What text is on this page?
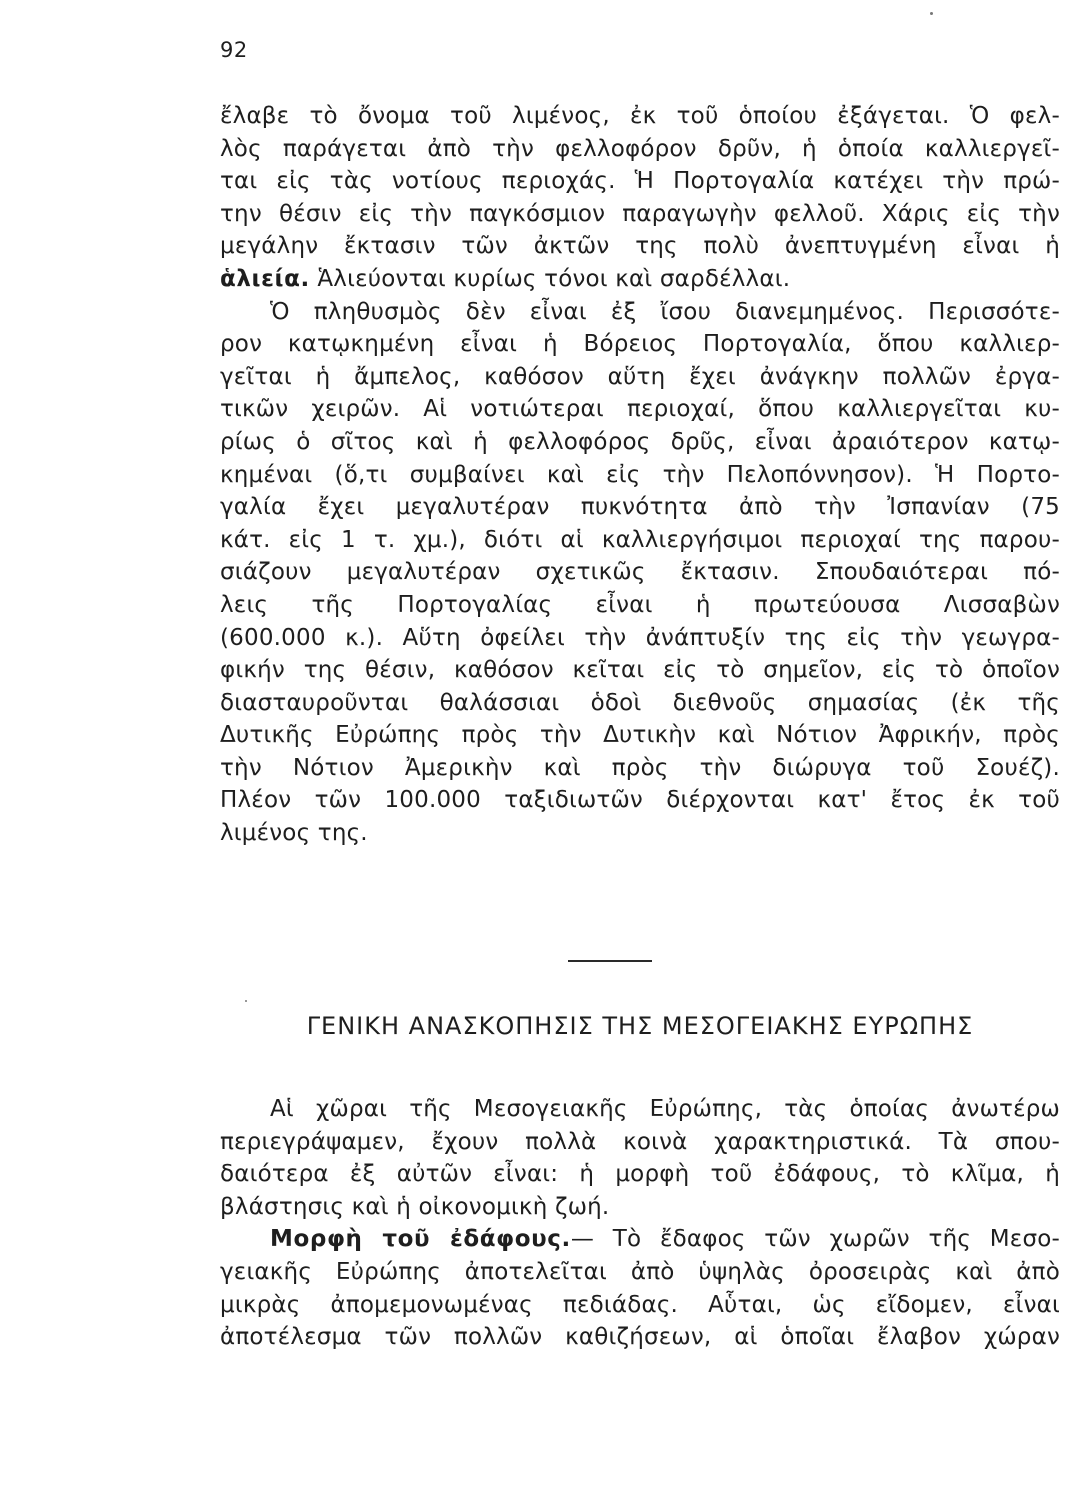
92
ἔλαβε τὸ ὄνομα τοῦ λιμένος, ἐκ τοῦ ὁποίου ἐξάγεται. Ὁ φελ-
λὸς παράγεται ἀπὸ τὴν φελλοφόρον δρῦν, ἡ ὁποία καλλιεργεῖ-
ται εἰς τὰς νοτίους περιοχάς. Ἡ Πορτογαλία κατέχει τὴν πρώ-
την θέσιν εἰς τὴν παγκόσμιον παραγωγὴν φελλοῦ. Χάρις εἰς τὴν
μεγάλην ἔκτασιν τῶν ἀκτῶν της πολὺ ἀνεπτυγμένη εἶναι ἡ
ἁλιεία. Ἁλιεύονται κυρίως τόνοι καὶ σαρδέλλαι.
Ὁ πληθυσμὸς δὲν εἶναι ἐξ ἴσου διανεμημένος. Περισσότε-
ρον κατῳκημένη εἶναι ἡ Βόρειος Πορτογαλία, ὅπου καλλιερ-
γεῖται ἡ ἄμπελος, καθόσον αὕτη ἔχει ἀνάγκην πολλῶν ἐργα-
τικῶν χειρῶν. Αἱ νοτιώτεραι περιοχαί, ὅπου καλλιεργεῖται κυ-
ρίως ὁ σῖτος καὶ ἡ φελλοφόρος δρῦς, εἶναι ἀραιότερον κατῳ-
κημέναι (ὅ,τι συμβαίνει καὶ εἰς τὴν Πελοπόννησον). Ἡ Πορτο-
γαλία ἔχει μεγαλυτέραν πυκνότητα ἀπὸ τὴν Ἰσπανίαν (75
κάτ. εἰς 1 τ. χμ.), διότι αἱ καλλιεργήσιμοι περιοχαί της παρου-
σιάζουν μεγαλυτέραν σχετικῶς ἔκτασιν. Σπουδαιότεραι πό-
λεις τῆς Πορτογαλίας εἶναι ἡ πρωτεύουσα Λισσαβὼν
(600.000 κ.). Αὕτη ὀφείλει τὴν ἀνάπτυξίν της εἰς τὴν γεωγρα-
φικήν της θέσιν, καθόσον κεῖται εἰς τὸ σημεῖον, εἰς τὸ ὁποῖον
διασταυροῦνται θαλάσσιαι ὁδοὶ διεθνοῦς σημασίας (ἐκ τῆς
Δυτικῆς Εὐρώπης πρὸς τὴν Δυτικὴν καὶ Νότιον Ἀφρικήν, πρὸς
τὴν Νότιον Ἀμερικὴν καὶ πρὸς τὴν διώρυγα τοῦ Σουέζ).
Πλέον τῶν 100.000 ταξιδιωτῶν διέρχονται κατ' ἔτος ἐκ τοῦ
λιμένος της.
ΓΕΝΙΚΗ ΑΝΑΣΚΟΠΗΣΙΣ ΤΗΣ ΜΕΣΟΓΕΙΑΚΗΣ ΕΥΡΩΠΗΣ
Αἱ χῶραι τῆς Μεσογειακῆς Εὐρώπης, τὰς ὁποίας ἀνωτέρω
περιεγράψαμεν, ἔχουν πολλὰ κοινὰ χαρακτηριστικά. Τὰ σπου-
δαιότερα ἐξ αὐτῶν εἶναι: ἡ μορφὴ τοῦ ἐδάφους, τὸ κλῖμα, ἡ
βλάστησις καὶ ἡ οἰκονομικὴ ζωή.
Μορφὴ τοῦ ἐδάφους.— Τὸ ἔδαφος τῶν χωρῶν τῆς Μεσο-
γειακῆς Εὐρώπης ἀποτελεῖται ἀπὸ ὑψηλὰς ὀροσειρὰς καὶ ἀπὸ
μικρὰς ἀπομεμονωμένας πεδιάδας. Αὗται, ὡς εἴδομεν, εἶναι
ἀποτέλεσμα τῶν πολλῶν καθιζήσεων, αἱ ὁποῖαι ἔλαβον χώραν
